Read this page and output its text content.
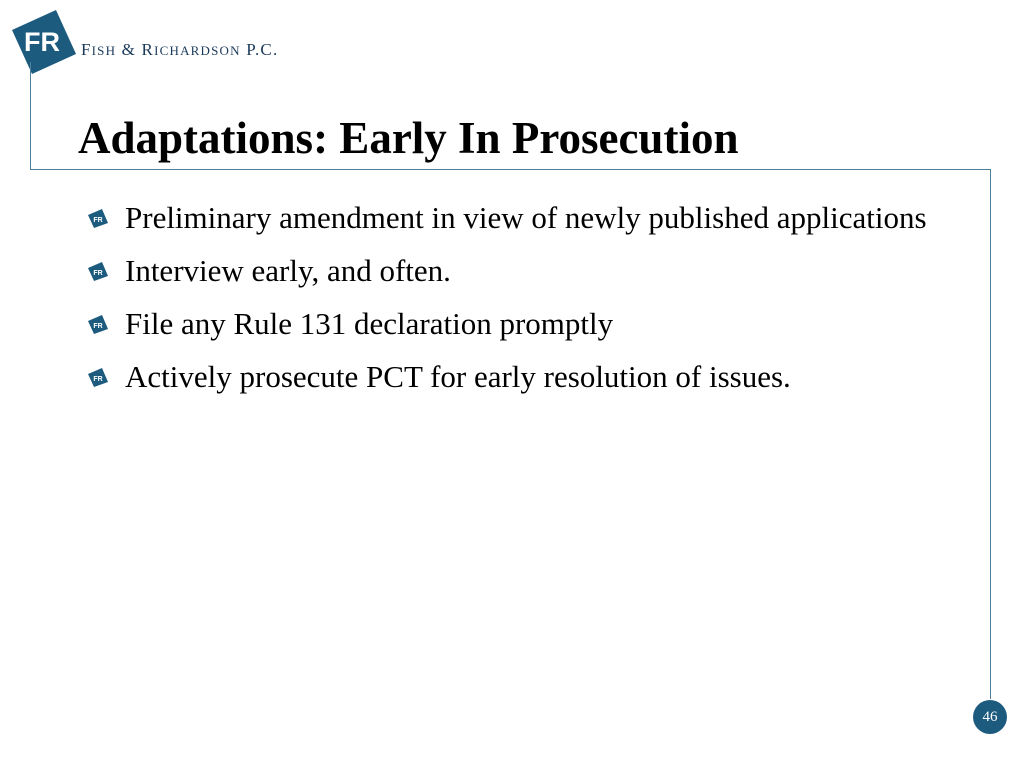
FR FISH & RICHARDSON P.C.
Adaptations: Early In Prosecution
FR Preliminary amendment in view of newly published applications
FR Interview early, and often.
FR File any Rule 131 declaration promptly
FR Actively prosecute PCT for early resolution of issues.
46
